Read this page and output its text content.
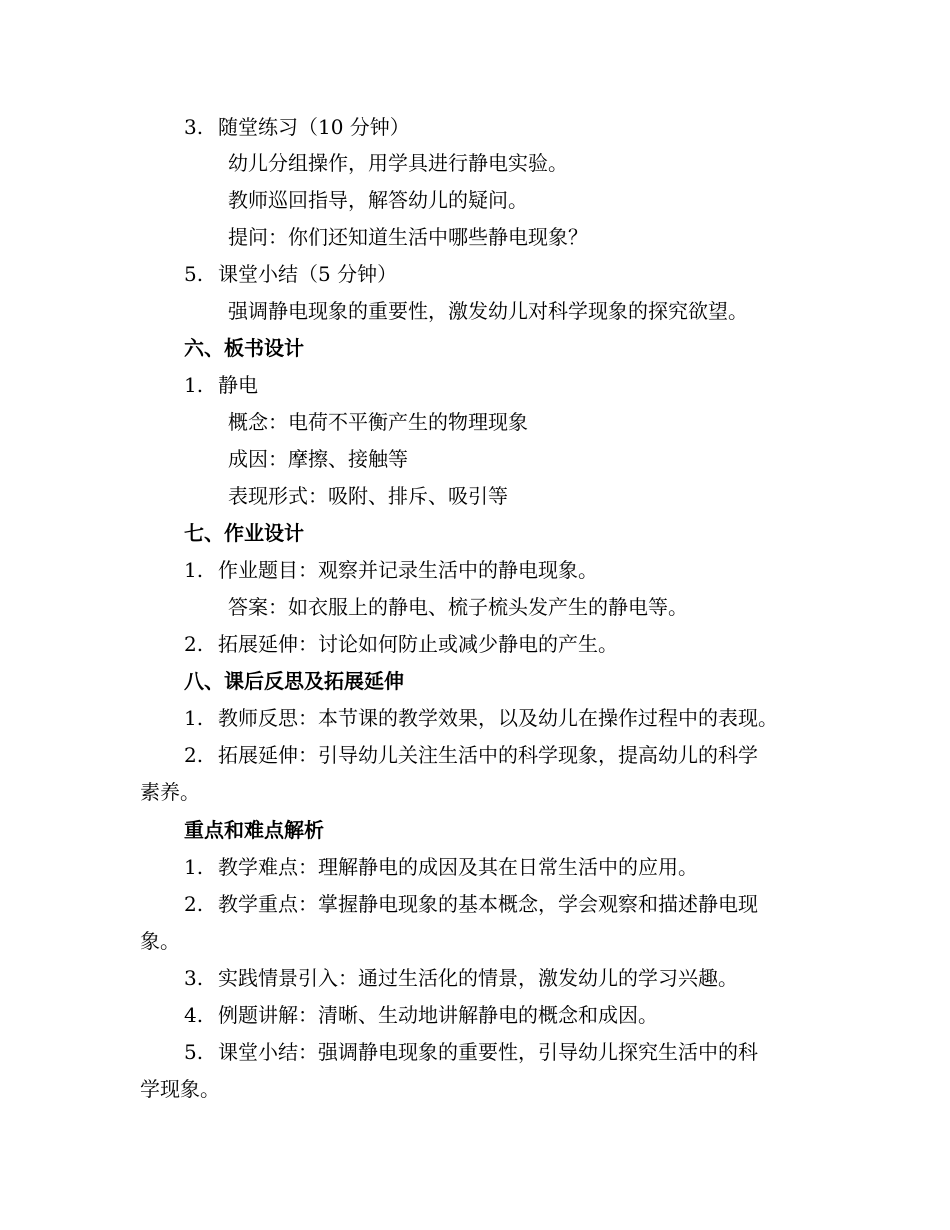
3. 随堂练习（10 分钟）
幼儿分组操作，用学具进行静电实验。
教师巡回指导，解答幼儿的疑问。
提问：你们还知道生活中哪些静电现象？
5. 课堂小结（5 分钟）
强调静电现象的重要性，激发幼儿对科学现象的探究欲望。
六、板书设计
1. 静电
概念：电荷不平衡产生的物理现象
成因：摩擦、接触等
表现形式：吸附、排斥、吸引等
七、作业设计
1. 作业题目：观察并记录生活中的静电现象。
答案：如衣服上的静电、梳子梳头发产生的静电等。
2. 拓展延伸：讨论如何防止或减少静电的产生。
八、课后反思及拓展延伸
1. 教师反思：本节课的教学效果，以及幼儿在操作过程中的表现。
2. 拓展延伸：引导幼儿关注生活中的科学现象，提高幼儿的科学
素养。
重点和难点解析
1. 教学难点：理解静电的成因及其在日常生活中的应用。
2. 教学重点：掌握静电现象的基本概念，学会观察和描述静电现
象。
3. 实践情景引入：通过生活化的情景，激发幼儿的学习兴趣。
4. 例题讲解：清晰、生动地讲解静电的概念和成因。
5. 课堂小结：强调静电现象的重要性，引导幼儿探究生活中的科
学现象。
